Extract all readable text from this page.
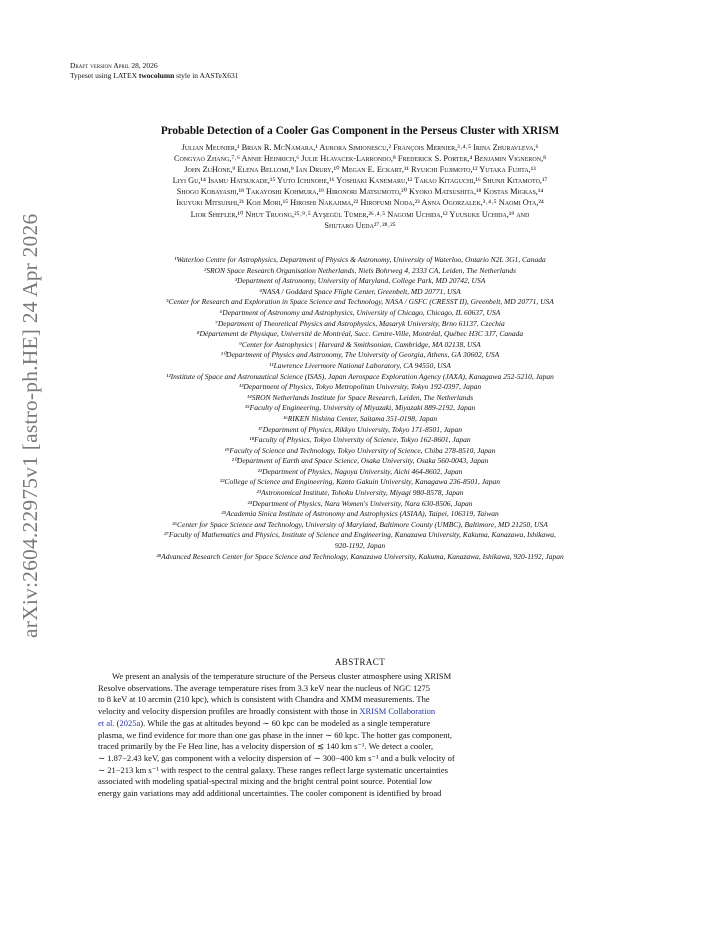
arXiv:2604.22975v1 [astro-ph.HE] 24 Apr 2026
Draft version April 28, 2026
Typeset using LATEX twocolumn style in AASTeX631
Probable Detection of a Cooler Gas Component in the Perseus Cluster with XRISM
Julian Meunier,¹ Brian R. McNamara,¹ Aurora Simionescu,² François Mernier,³˒⁴˒⁵ Irina Zhuravleva,⁶
Congyao Zhang,⁷˒⁶ Annie Heinrich,⁶ Julie Hlavacek-Larrondo,⁸ Frederick S. Porter,⁴ Benjamin Vigneron,⁸
John ZuHone,⁹ Elena Bellomi,⁹ Ian Drury,¹⁰ Megan E. Eckart,¹¹ Ryuichi Fujimoto,¹² Yutaka Fujita,¹³
Liyi Gu,¹⁴ Isamu Hatsukade,¹⁵ Yuto Ichinohe,¹⁶ Yoshiaki Kanemaru,¹² Takao Kitaguchi,¹⁶ Shunji Kitamoto,¹⁷
Shogo Kobayashi,¹⁸ Takayoshi Kohmura,¹⁹ Hironori Matsumoto,²⁰ Kyoko Matsushita,¹⁸ Kostas Migkas,¹⁴
Ikuyuki Mitsuishi,²¹ Koji Mori,¹⁵ Hiroshi Nakajima,²² Hirofumi Noda,²³ Anna Ogorzalek,³˒⁴˒⁵ Naomi Ota,²⁴
Lior Shefler,¹⁰ Nhut Truong,²⁵˒⁹˒⁵ Ayşegül Tümer,²⁶˒⁴˒⁵ Nagomi Uchida,¹² Yuusuke Uchida,¹⁹ and
Shutaro Ueda²⁷˒²⁸˒²⁵
¹Waterloo Centre for Astrophysics, Department of Physics & Astronomy, University of Waterloo, Ontario N2L 3G1, Canada
²SRON Space Research Organisation Netherlands, Niels Bohrweg 4, 2333 CA, Leiden, The Netherlands
³Department of Astronomy, University of Maryland, College Park, MD 20742, USA
⁴NASA / Goddard Space Flight Center, Greenbelt, MD 20771, USA
⁵Center for Research and Exploration in Space Science and Technology, NASA / GSFC (CRESST II), Greenbelt, MD 20771, USA
⁶Department of Astronomy and Astrophysics, University of Chicago, Chicago, IL 60637, USA
⁷Department of Theoretical Physics and Astrophysics, Masaryk University, Brno 61137, Czechia
⁸Département de Physique, Université de Montréal, Succ. Centre-Ville, Montréal, Québec H3C 3J7, Canada
⁹Center for Astrophysics | Harvard & Smithsonian, Cambridge, MA 02138, USA
¹⁰Department of Physics and Astronomy, The University of Georgia, Athens, GA 30602, USA
¹¹Lawrence Livermore National Laboratory, CA 94550, USA
¹²Institute of Space and Astronautical Science (ISAS), Japan Aerospace Exploration Agency (JAXA), Kanagawa 252-5210, Japan
¹³Department of Physics, Tokyo Metropolitan University, Tokyo 192-0397, Japan
¹⁴SRON Netherlands Institute for Space Research, Leiden, The Netherlands
¹⁵Faculty of Engineering, University of Miyazaki, Miyazaki 889-2192, Japan
¹⁶RIKEN Nishina Center, Saitama 351-0198, Japan
¹⁷Department of Physics, Rikkyo University, Tokyo 171-8501, Japan
¹⁸Faculty of Physics, Tokyo University of Science, Tokyo 162-8601, Japan
¹⁹Faculty of Science and Technology, Tokyo University of Science, Chiba 278-8510, Japan
²⁰Department of Earth and Space Science, Osaka University, Osaka 560-0043, Japan
²¹Department of Physics, Nagoya University, Aichi 464-8602, Japan
²²College of Science and Engineering, Kanto Gakuin University, Kanagawa 236-8501, Japan
²³Astronomical Institute, Tohoku University, Miyagi 980-8578, Japan
²⁴Department of Physics, Nara Women's University, Nara 630-8506, Japan
²⁵Academia Sinica Institute of Astronomy and Astrophysics (ASIAA), Taipei, 106319, Taiwan
²⁶Center for Space Science and Technology, University of Maryland, Baltimore County (UMBC), Baltimore, MD 21250, USA
²⁷Faculty of Mathematics and Physics, Institute of Science and Engineering, Kanazawa University, Kakuma, Kanazawa, Ishikawa,
920-1192, Japan
²⁸Advanced Research Center for Space Science and Technology, Kanazawa University, Kakuma, Kanazawa, Ishikawa, 920-1192, Japan
ABSTRACT
We present an analysis of the temperature structure of the Perseus cluster atmosphere using XRISM
Resolve observations. The average temperature rises from 3.3 keV near the nucleus of NGC 1275
to 8 keV at 10 arcmin (210 kpc), which is consistent with Chandra and XMM measurements. The
velocity and velocity dispersion profiles are broadly consistent with those in XRISM Collaboration
et al. (2025a). While the gas at altitudes beyond ∼ 60 kpc can be modeled as a single temperature
plasma, we find evidence for more than one gas phase in the inner ∼ 60 kpc. The hotter gas component,
traced primarily by the Fe Heα line, has a velocity dispersion of ≲ 140 km s⁻¹. We detect a cooler,
∼ 1.87−2.43 keV, gas component with a velocity dispersion of ∼ 300−400 km s⁻¹ and a bulk velocity of
∼ 21−213 km s⁻¹ with respect to the central galaxy. These ranges reflect large systematic uncertainties
associated with modeling spatial-spectral mixing and the bright central point source. Potential low
energy gain variations may add additional uncertainties. The cooler component is identified by broad
